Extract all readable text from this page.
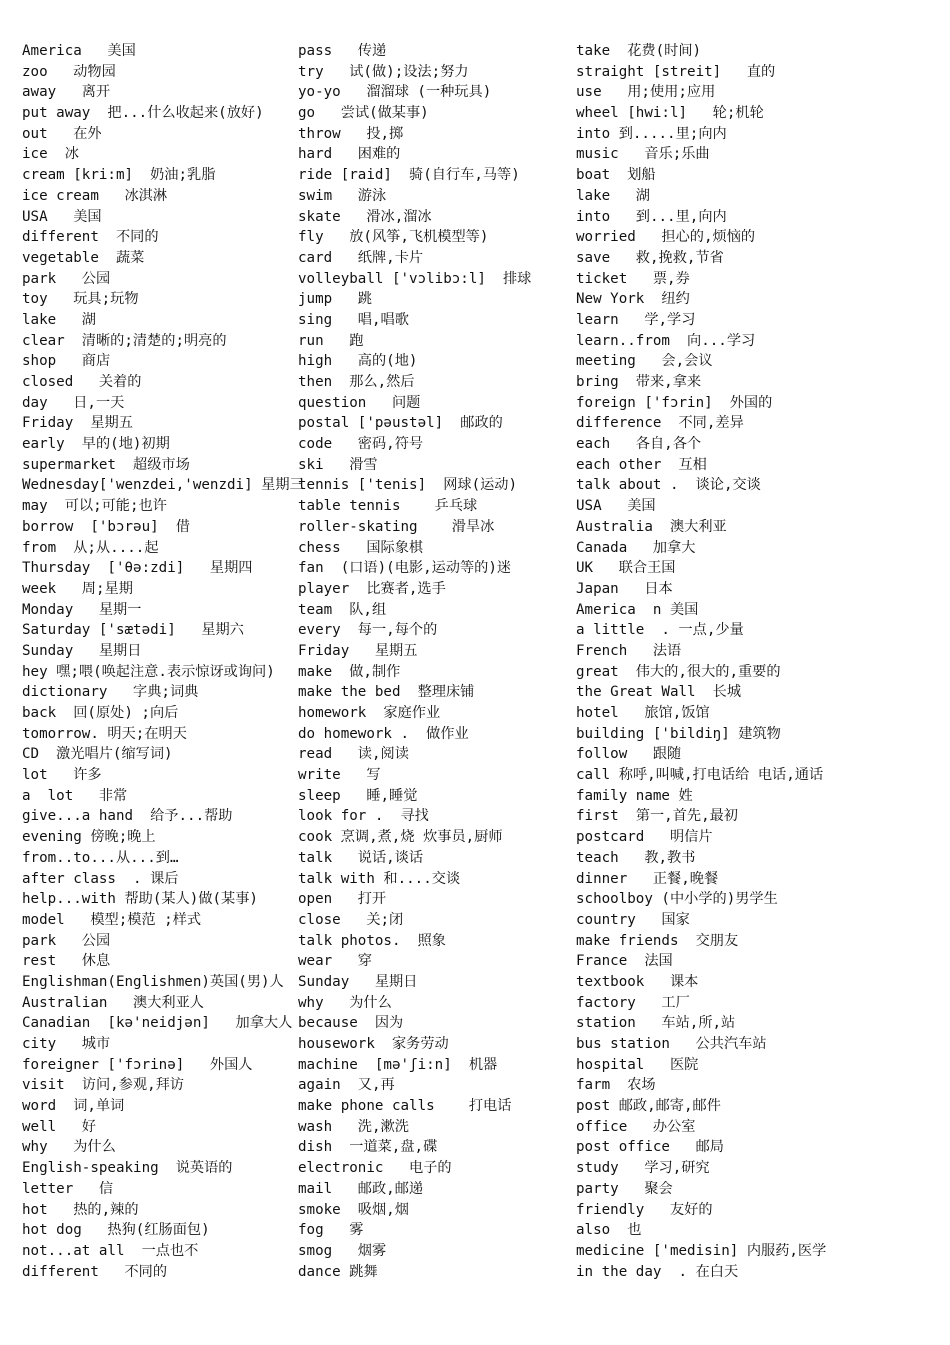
America   美国
zoo   动物园
away   离开
put away  把...什么收起来(放好)
out   在外
ice  冰
cream [kri:m]  奶油;乳脂
ice cream   冰淇淋
USA   美国
different  不同的
vegetable  蔬菜
park   公园
toy   玩具;玩物
lake   湖
clear  清晰的;清楚的;明亮的
shop   商店
closed   关着的
day   日,一天
Friday  星期五
early  早的(地)初期
supermarket  超级市场
Wednesday['wenzdei,'wenzdi] 星期三
may  可以;可能;也许
borrow  ['bɔrəu]  借
from  从;从....起
Thursday  ['θə:zdi]   星期四
week   周;星期
Monday   星期一
Saturday ['sætədi]   星期六
Sunday   星期日
hey 嘿;喂(唤起注意.表示惊讶或询问)
dictionary   字典;词典
back  回(原处) ;向后
tomorrow. 明天;在明天
CD  激光唱片(缩写词)
lot   许多
a  lot   非常
give...a hand  给予...帮助
evening 傍晚;晚上
from..to...从...到…
after class  . 课后
help...with 帮助(某人)做(某事)
model   模型;模范 ;样式
park   公园
rest   休息
Englishman(Englishmen)英国(男)人
Australian   澳大利亚人
Canadian  [kə'neidjən]   加拿大人
city   城市
foreigner ['fɔrinə]   外国人
visit  访问,参观,拜访
word  词,单词
well   好
why   为什么
English-speaking  说英语的
letter   信
hot   热的,辣的
hot dog   热狗(红肠面包)
not...at all  一点也不
different   不同的
pass   传递
try   试(做);设法;努力
yo-yo   溜溜球 (一种玩具)
go   尝试(做某事)
throw   投,掷
hard   困难的
ride [raid]  骑(自行车,马等)
swim   游泳
skate   滑冰,溜冰
fly   放(风筝,飞机模型等)
card   纸牌,卡片
volleyball ['vɔlibɔ:l]  排球
jump   跳
sing   唱,唱歌
run   跑
high   高的(地)
then  那么,然后
question   问题
postal ['pəustəl]  邮政的
code   密码,符号
ski   滑雪
tennis ['tenis]  网球(运动)
table tennis    乒乓球
roller-skating    滑旱冰
chess   国际象棋
fan  (口语)(电影,运动等的)迷
player  比赛者,选手
team  队,组
every  每一,每个的
Friday   星期五
make  做,制作
make the bed  整理床铺
homework  家庭作业
do homework .  做作业
read   读,阅读
write   写
sleep   睡,睡觉
look for .  寻找
cook 烹调,煮,烧 炊事员,厨师
talk   说话,谈话
talk with 和....交谈
open   打开
close   关;闭
talk photos.  照象
wear   穿
Sunday   星期日
why   为什么
because  因为
housework  家务劳动
machine  [mə'ʃi:n]  机器
again  又,再
make phone calls    打电话
wash   洗,漱洗
dish  一道菜,盘,碟
electronic   电子的
mail   邮政,邮递
smoke  吸烟,烟
fog   雾
smog   烟雾
dance 跳舞
take  花费(时间)
straight [streit]   直的
use   用;使用;应用
wheel [hwi:l]   轮;机轮
into 到.....里;向内
music   音乐;乐曲
boat  划船
lake   湖
into   到...里,向内
worried   担心的,烦恼的
save   救,挽救,节省
ticket   票,券
New York  纽约
learn   学,学习
learn..from  向...学习
meeting   会,会议
bring  带来,拿来
foreign ['fɔrin]  外国的
difference  不同,差异
each   各自,各个
each other  互相
talk about .  谈论,交谈
USA   美国
Australia  澳大利亚
Canada   加拿大
UK   联合王国
Japan   日本
America  n 美国
a little  . 一点,少量
French   法语
great  伟大的,很大的,重要的
the Great Wall  长城
hotel   旅馆,饭馆
building ['bildiŋ] 建筑物
follow   跟随
call 称呼,叫喊,打电话给 电话,通话
family name 姓
first  第一,首先,最初
postcard   明信片
teach   教,教书
dinner   正餐,晚餐
schoolboy (中小学的)男学生
country   国家
make friends  交朋友
France  法国
textbook   课本
factory   工厂
station   车站,所,站
bus station   公共汽车站
hospital   医院
farm  农场
post 邮政,邮寄,邮件
office   办公室
post office   邮局
study   学习,研究
party   聚会
friendly   友好的
also  也
medicine ['medisin] 内服药,医学
in the day  . 在白天
